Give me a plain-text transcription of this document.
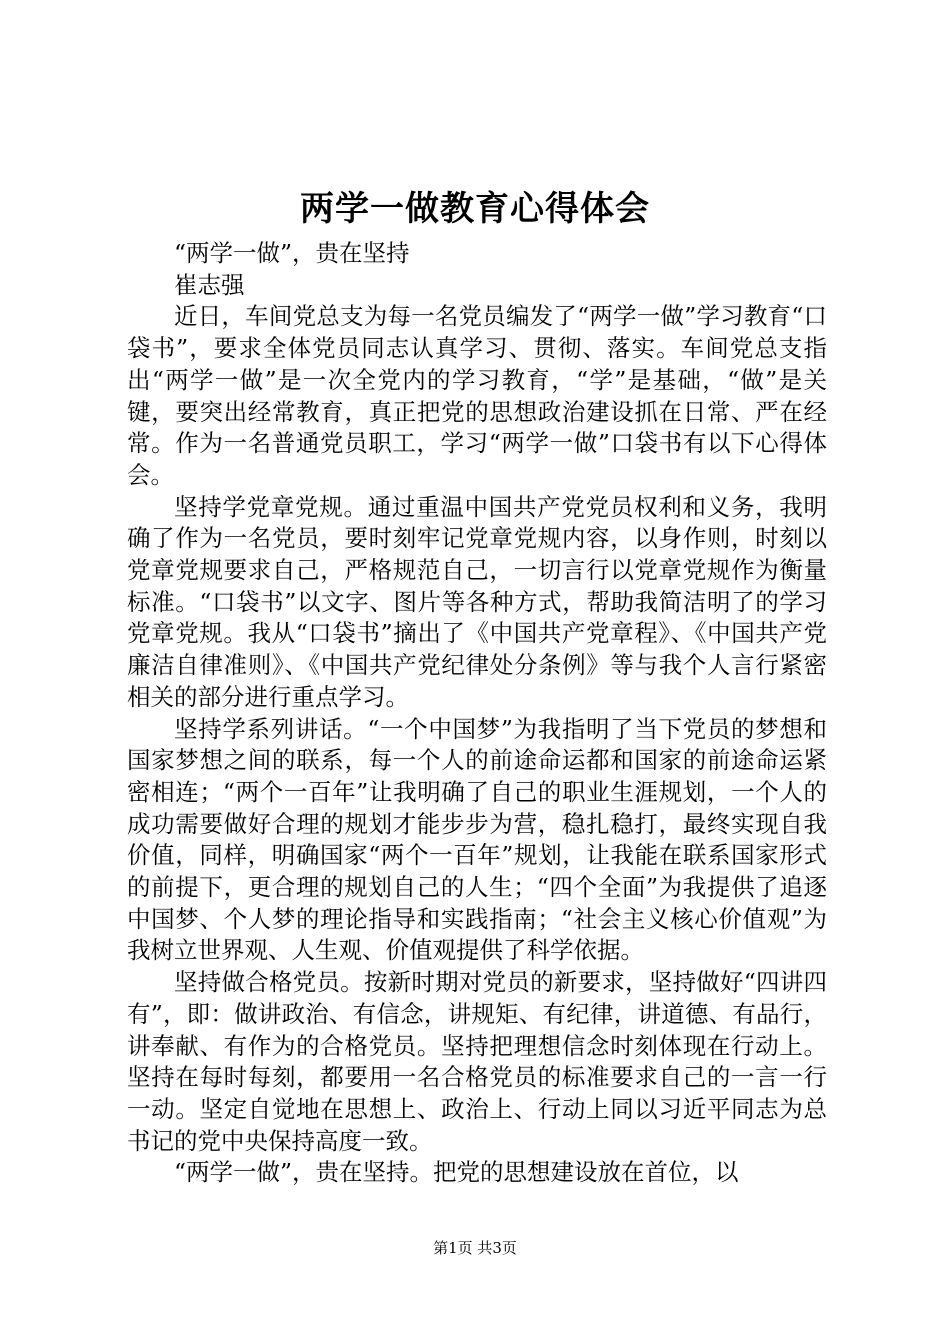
两学一做教育心得体会

“两学一做”，贵在坚持

崔志强

近日，车间党总支为每一名党员编发了“两学一做”学习教育“口袋书”，要求全体党员同志认真学习、贯彻、落实。车间党总支指出“两学一做”是一次全党内的学习教育，“学”是基础，“做”是关键，要突出经常教育，真正把党的思想政治建设抓在日常、严在经常。作为一名普通党员职工，学习“两学一做”口袋书有以下心得体会。

坚持学党章党规。通过重温中国共产党党员权利和义务，我明确了作为一名党员，要时刻牢记党章党规内容，以身作则，时刻以党章党规要求自己，严格规范自己，一切言行以党章党规作为衡量标准。“口袋书”以文字、图片等各种方式，帮助我简洁明了的学习党章党规。我从“口袋书”摘出了《中国共产党章程》、《中国共产党廉洁自律准则》、《中国共产党纪律处分条例》等与我个人言行紧密相关的部分进行重点学习。

坚持学系列讲话。“一个中国梦”为我指明了当下党员的梦想和国家梦想之间的联系，每一个人的前途命运都和国家的前途命运紧密相连；“两个一百年”让我明确了自己的职业生涯规划，一个人的成功需要做好合理的规划才能步步为营，稳扎稳打，最终实现自我价值，同样，明确国家“两个一百年”规划，让我能在联系国家形式的前提下，更合理的规划自己的人生；“四个全面”为我提供了追逐中国梦、个人梦的理论指导和实践指南；“社会主义核心价值观”为我树立世界观、人生观、价值观提供了科学依据。

坚持做合格党员。按新时期对党员的新要求，坚持做好“四讲四有”，即：做讲政治、有信念，讲规矩、有纪律，讲道德、有品行，讲奉献、有作为的合格党员。坚持把理想信念时刻体现在行动上。坚持在每时每刻，都要用一名合格党员的标准要求自己的一言一行一动。坚定自觉地在思想上、政治上、行动上同以习近平同志为总书记的党中央保持高度一致。

“两学一做”，贵在坚持。把党的思想建设放在首位，以

第1页 共3页
